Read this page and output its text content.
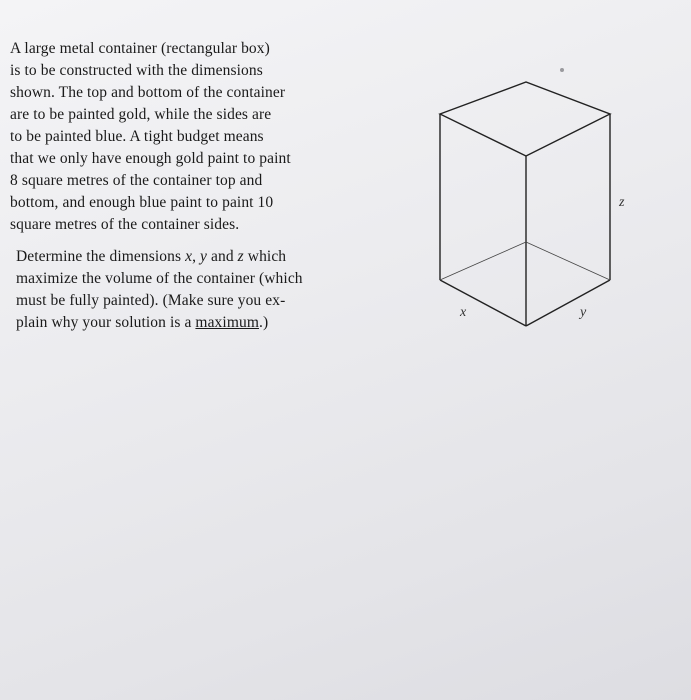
A large metal container (rectangular box)
is to be constructed with the dimensions
shown. The top and bottom of the container
are to be painted gold, while the sides are
to be painted blue. A tight budget means
that we only have enough gold paint to paint
8 square metres of the container top and
bottom, and enough blue paint to paint 10
square metres of the container sides.
Determine the dimensions x, y and z which
maximize the volume of the container (which
must be fully painted). (Make sure you ex-
plain why your solution is a maximum.)
x	y
z
